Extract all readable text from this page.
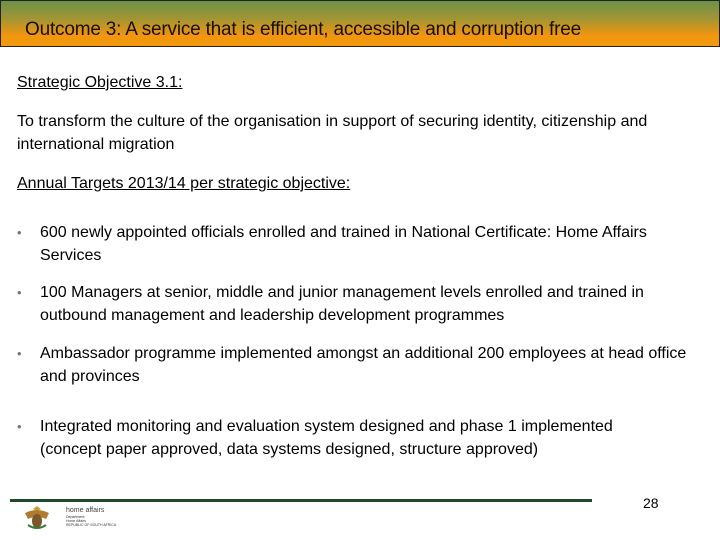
Outcome 3: A service that is efficient, accessible and corruption free
Strategic Objective 3.1:
To transform the culture of the organisation in support of securing identity, citizenship and international migration
Annual Targets 2013/14 per strategic objective:
• 600 newly appointed officials enrolled and trained in National Certificate: Home Affairs Services
• 100 Managers at senior, middle and junior management levels enrolled and trained in outbound management and leadership development programmes
• Ambassador programme implemented amongst an additional 200 employees at head office and provinces
• Integrated monitoring and evaluation system designed and phase 1 implemented (concept paper approved, data systems designed, structure approved)
28
home affairs
Department:
Home Affairs
REPUBLIC OF SOUTH AFRICA
